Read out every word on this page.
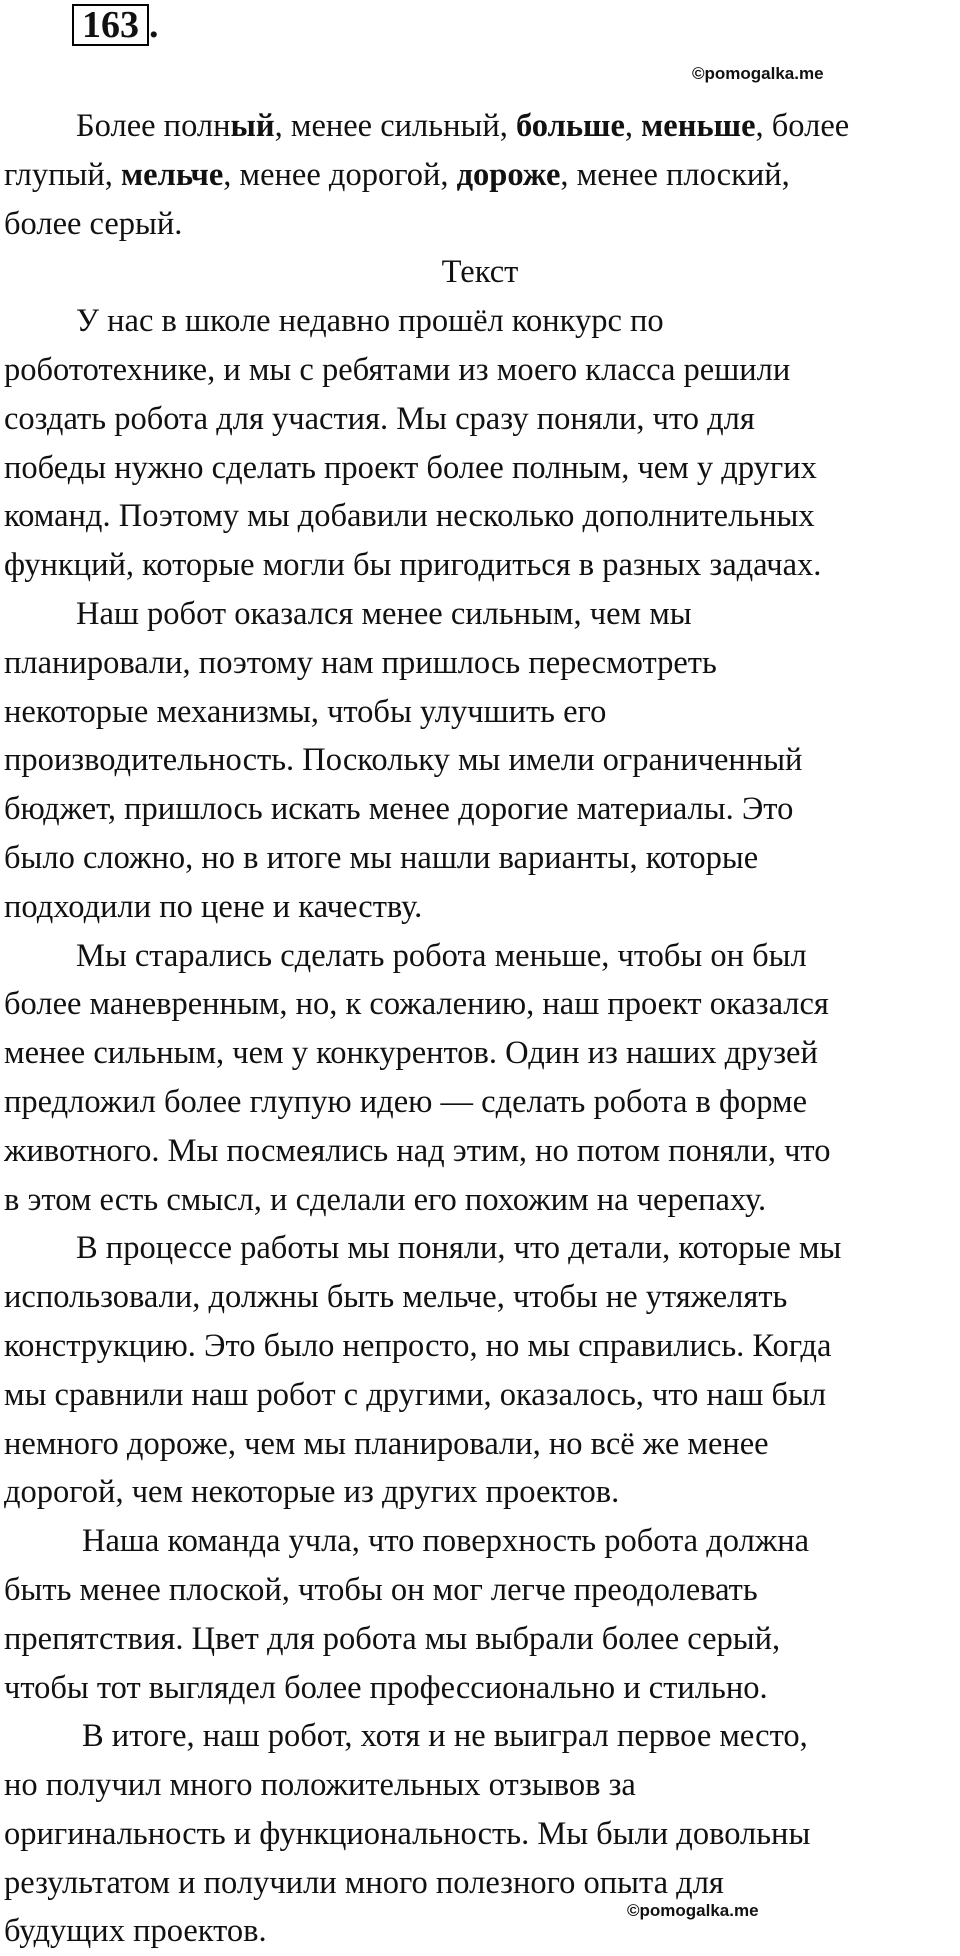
163 .
©pomogalka.me
Более полный, менее сильный, больше, меньше, более
глупый, мельче, менее дорогой, дороже, менее плоский,
более серый.
Текст
У нас в школе недавно прошёл конкурс по
робототехнике, и мы с ребятами из моего класса решили
создать робота для участия. Мы сразу поняли, что для
победы нужно сделать проект более полным, чем у других
команд. Поэтому мы добавили несколько дополнительных
функций, которые могли бы пригодиться в разных задачах.
Наш робот оказался менее сильным, чем мы
планировали, поэтому нам пришлось пересмотреть
некоторые механизмы, чтобы улучшить его
производительность. Поскольку мы имели ограниченный
бюджет, пришлось искать менее дорогие материалы. Это
было сложно, но в итоге мы нашли варианты, которые
подходили по цене и качеству.
Мы старались сделать робота меньше, чтобы он был
более маневренным, но, к сожалению, наш проект оказался
менее сильным, чем у конкурентов. Один из наших друзей
предложил более глупую идею — сделать робота в форме
животного. Мы посмеялись над этим, но потом поняли, что
в этом есть смысл, и сделали его похожим на черепаху.
В процессе работы мы поняли, что детали, которые мы
использовали, должны быть мельче, чтобы не утяжелять
конструкцию. Это было непросто, но мы справились. Когда
мы сравнили наш робот с другими, оказалось, что наш был
немного дороже, чем мы планировали, но всё же менее
дорогой, чем некоторые из других проектов.
Наша команда учла, что поверхность робота должна
быть менее плоской, чтобы он мог легче преодолевать
препятствия. Цвет для робота мы выбрали более серый,
чтобы тот выглядел более профессионально и стильно.
В итоге, наш робот, хотя и не выиграл первое место,
но получил много положительных отзывов за
оригинальность и функциональность. Мы были довольны
результатом и получили много полезного опыта для
будущих проектов.
©pomogalka.me
